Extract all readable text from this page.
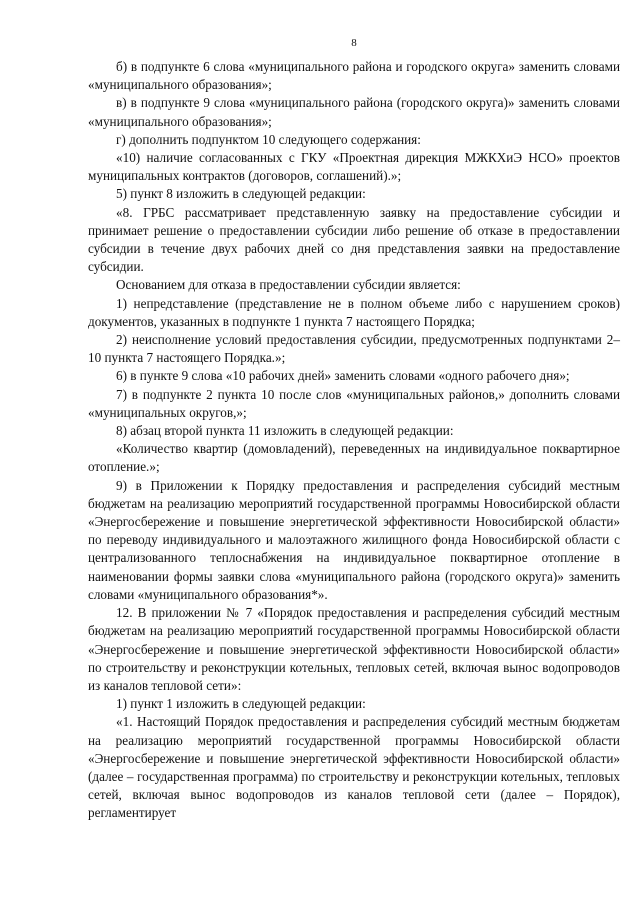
8

б) в подпункте 6 слова «муниципального района и городского округа» заменить словами «муниципального образования»;

в) в подпункте 9 слова «муниципального района (городского округа)» заменить словами «муниципального образования»;

г) дополнить подпунктом 10 следующего содержания:

«10) наличие согласованных с ГКУ «Проектная дирекция МЖКХиЭ НСО» проектов муниципальных контрактов (договоров, соглашений).»;

5) пункт 8 изложить в следующей редакции:

«8. ГРБС рассматривает представленную заявку на предоставление субсидии и принимает решение о предоставлении субсидии либо решение об отказе в предоставлении субсидии в течение двух рабочих дней со дня представления заявки на предоставление субсидии.

Основанием для отказа в предоставлении субсидии является:

1) непредставление (представление не в полном объеме либо с нарушением сроков) документов, указанных в подпункте 1 пункта 7 настоящего Порядка;

2) неисполнение условий предоставления субсидии, предусмотренных подпунктами 2–10 пункта 7 настоящего Порядка.»;

6) в пункте 9 слова «10 рабочих дней» заменить словами «одного рабочего дня»;

7) в подпункте 2 пункта 10 после слов «муниципальных районов,» дополнить словами «муниципальных округов,»;

8) абзац второй пункта 11 изложить в следующей редакции:

«Количество квартир (домовладений), переведенных на индивидуальное поквартирное отопление.»;

9) в Приложении к Порядку предоставления и распределения субсидий местным бюджетам на реализацию мероприятий государственной программы Новосибирской области «Энергосбережение и повышение энергетической эффективности Новосибирской области» по переводу индивидуального и малоэтажного жилищного фонда Новосибирской области с централизованного теплоснабжения на индивидуальное поквартирное отопление в наименовании формы заявки слова «муниципального района (городского округа)» заменить словами «муниципального образования*».

12. В приложении № 7 «Порядок предоставления и распределения субсидий местным бюджетам на реализацию мероприятий государственной программы Новосибирской области «Энергосбережение и повышение энергетической эффективности Новосибирской области» по строительству и реконструкции котельных, тепловых сетей, включая вынос водопроводов из каналов тепловой сети»:

1) пункт 1 изложить в следующей редакции:

«1. Настоящий Порядок предоставления и распределения субсидий местным бюджетам на реализацию мероприятий государственной программы Новосибирской области «Энергосбережение и повышение энергетической эффективности Новосибирской области» (далее – государственная программа) по строительству и реконструкции котельных, тепловых сетей, включая вынос водопроводов из каналов тепловой сети (далее – Порядок), регламентирует
